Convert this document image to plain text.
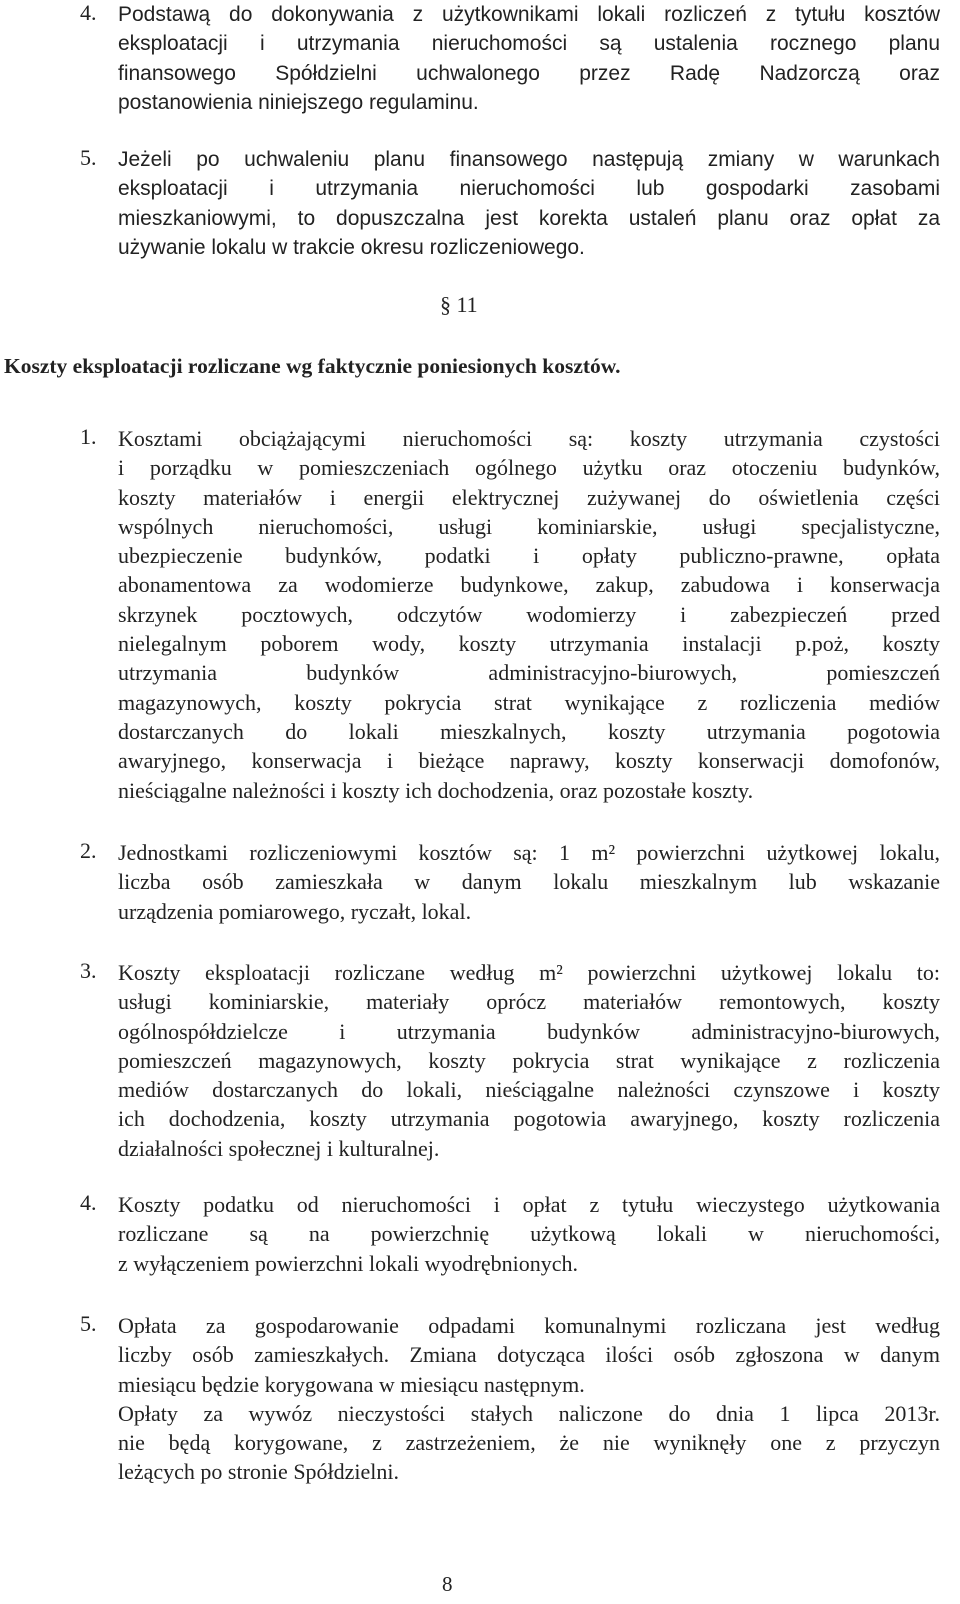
4.	Podstawą do dokonywania z użytkownikami lokali rozliczeń z tytułu kosztów
eksploatacji i utrzymania nieruchomości są ustalenia rocznego planu
finansowego Spółdzielni uchwalonego przez Radę Nadzorczą oraz
postanowienia niniejszego regulaminu.
5.	Jeżeli po uchwaleniu planu finansowego następują zmiany w warunkach
eksploatacji i utrzymania nieruchomości lub gospodarki zasobami
mieszkaniowymi, to dopuszczalna jest korekta ustaleń planu oraz opłat za
używanie lokalu w trakcie okresu rozliczeniowego.
§ 11
Koszty eksploatacji rozliczane wg faktycznie poniesionych kosztów.
1. Kosztami obciążającymi nieruchomości są: koszty utrzymania czystości
i porządku w pomieszczeniach ogólnego użytku oraz otoczeniu budynków,
koszty materiałów i energii elektrycznej zużywanej do oświetlenia części
wspólnych nieruchomości, usługi kominiarskie, usługi specjalistyczne,
ubezpieczenie budynków, podatki i opłaty publiczno-prawne, opłata
abonamentowa za wodomierze budynkowe, zakup, zabudowa i konserwacja
skrzynek pocztowych, odczytów wodomierzy i zabezpieczeń przed
nielegalnym poborem wody, koszty utrzymania instalacji p.poż, koszty
utrzymania budynków administracyjno-biurowych, pomieszczeń
magazynowych, koszty pokrycia strat wynikające z rozliczenia mediów
dostarczanych do lokali mieszkalnych, koszty utrzymania pogotowia
awaryjnego, konserwacja i bieżące naprawy, koszty konserwacji domofonów,
nieściągalne należności i koszty ich dochodzenia, oraz pozostałe koszty.
2. Jednostkami rozliczeniowymi kosztów są: 1 m² powierzchni użytkowej lokalu,
liczba osób zamieszkała w danym lokalu mieszkalnym lub wskazanie
urządzenia pomiarowego, ryczałt, lokal.
3. Koszty eksploatacji rozliczane według m² powierzchni użytkowej lokalu to:
usługi kominiarskie, materiały oprócz materiałów remontowych, koszty
ogólnospółdzielcze i utrzymania budynków administracyjno-biurowych,
pomieszczeń magazynowych, koszty pokrycia strat wynikające z rozliczenia
mediów dostarczanych do lokali, nieściągalne należności czynszowe i koszty
ich dochodzenia, koszty utrzymania pogotowia awaryjnego, koszty rozliczenia
działalności społecznej i kulturalnej.
4. Koszty podatku od nieruchomości i opłat z tytułu wieczystego użytkowania
rozliczane są na powierzchnię użytkową lokali w nieruchomości,
z wyłączeniem powierzchni lokali wyodrębnionych.
5. Opłata za gospodarowanie odpadami komunalnymi rozliczana jest według
liczby osób zamieszkałych. Zmiana dotycząca ilości osób zgłoszona w danym
miesiącu będzie korygowana w miesiącu następnym.
Opłaty za wywóz nieczystości stałych naliczone do dnia 1 lipca 2013r.
nie będą korygowane, z zastrzeżeniem, że nie wyniknęły one z przyczyn
leżących po stronie Spółdzielni.
8
